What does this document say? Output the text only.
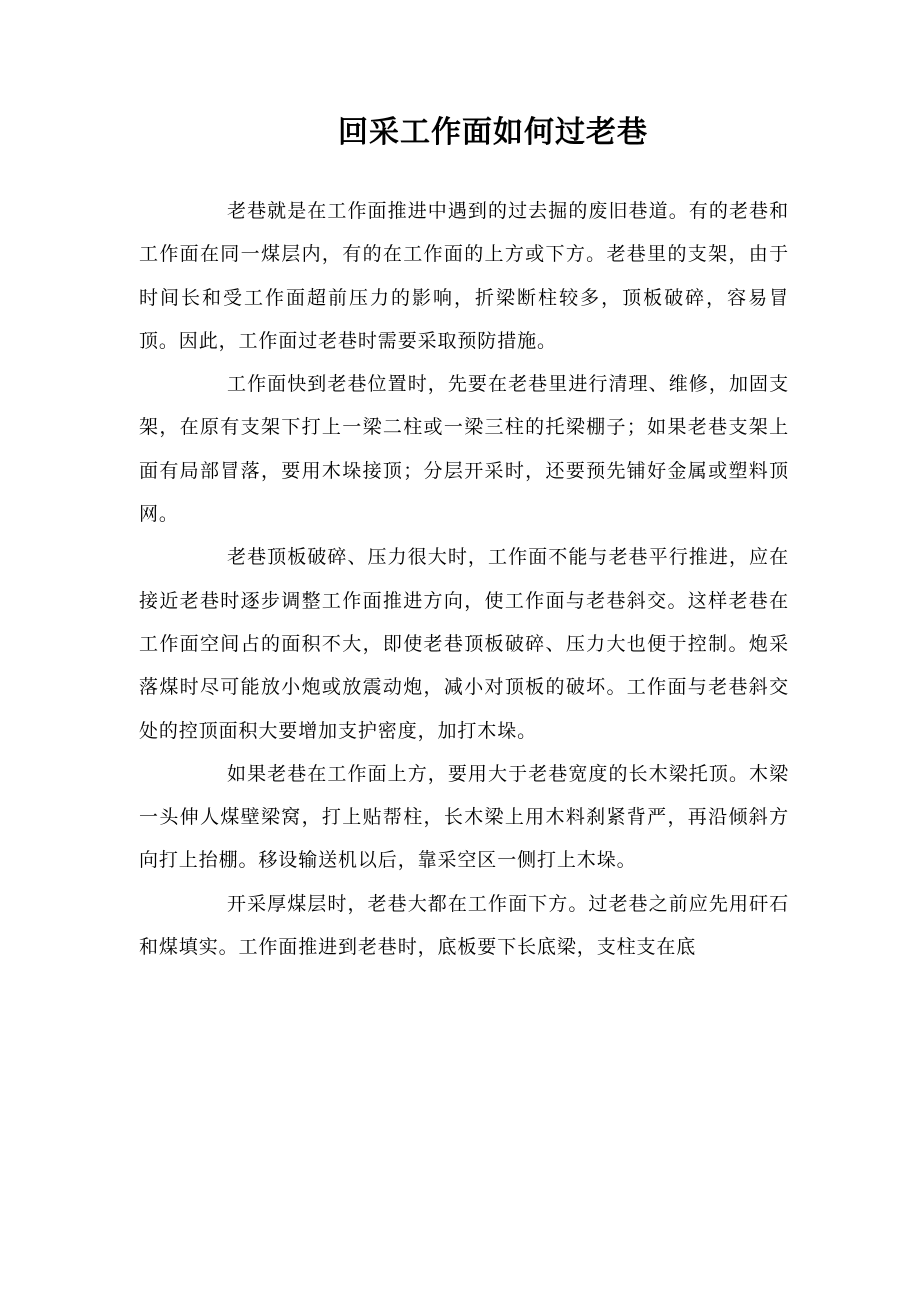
回采工作面如何过老巷

老巷就是在工作面推进中遇到的过去掘的废旧巷道。有的老巷和工作面在同一煤层内，有的在工作面的上方或下方。老巷里的支架，由于时间长和受工作面超前压力的影响，折梁断柱较多，顶板破碎，容易冒顶。因此，工作面过老巷时需要采取预防措施。

工作面快到老巷位置时，先要在老巷里进行清理、维修，加固支架，在原有支架下打上一梁二柱或一梁三柱的托梁棚子；如果老巷支架上面有局部冒落，要用木垛接顶；分层开采时，还要预先铺好金属或塑料顶网。

老巷顶板破碎、压力很大时，工作面不能与老巷平行推进，应在接近老巷时逐步调整工作面推进方向，使工作面与老巷斜交。这样老巷在工作面空间占的面积不大，即使老巷顶板破碎、压力大也便于控制。炮采落煤时尽可能放小炮或放震动炮，减小对顶板的破坏。工作面与老巷斜交处的控顶面积大要增加支护密度，加打木垛。

如果老巷在工作面上方，要用大于老巷宽度的长木梁托顶。木梁一头伸人煤壁梁窝，打上贴帮柱，长木梁上用木料刹紧背严，再沿倾斜方向打上抬棚。移设输送机以后，靠采空区一侧打上木垛。

开采厚煤层时，老巷大都在工作面下方。过老巷之前应先用矸石和煤填实。工作面推进到老巷时，底板要下长底梁，支柱支在底
